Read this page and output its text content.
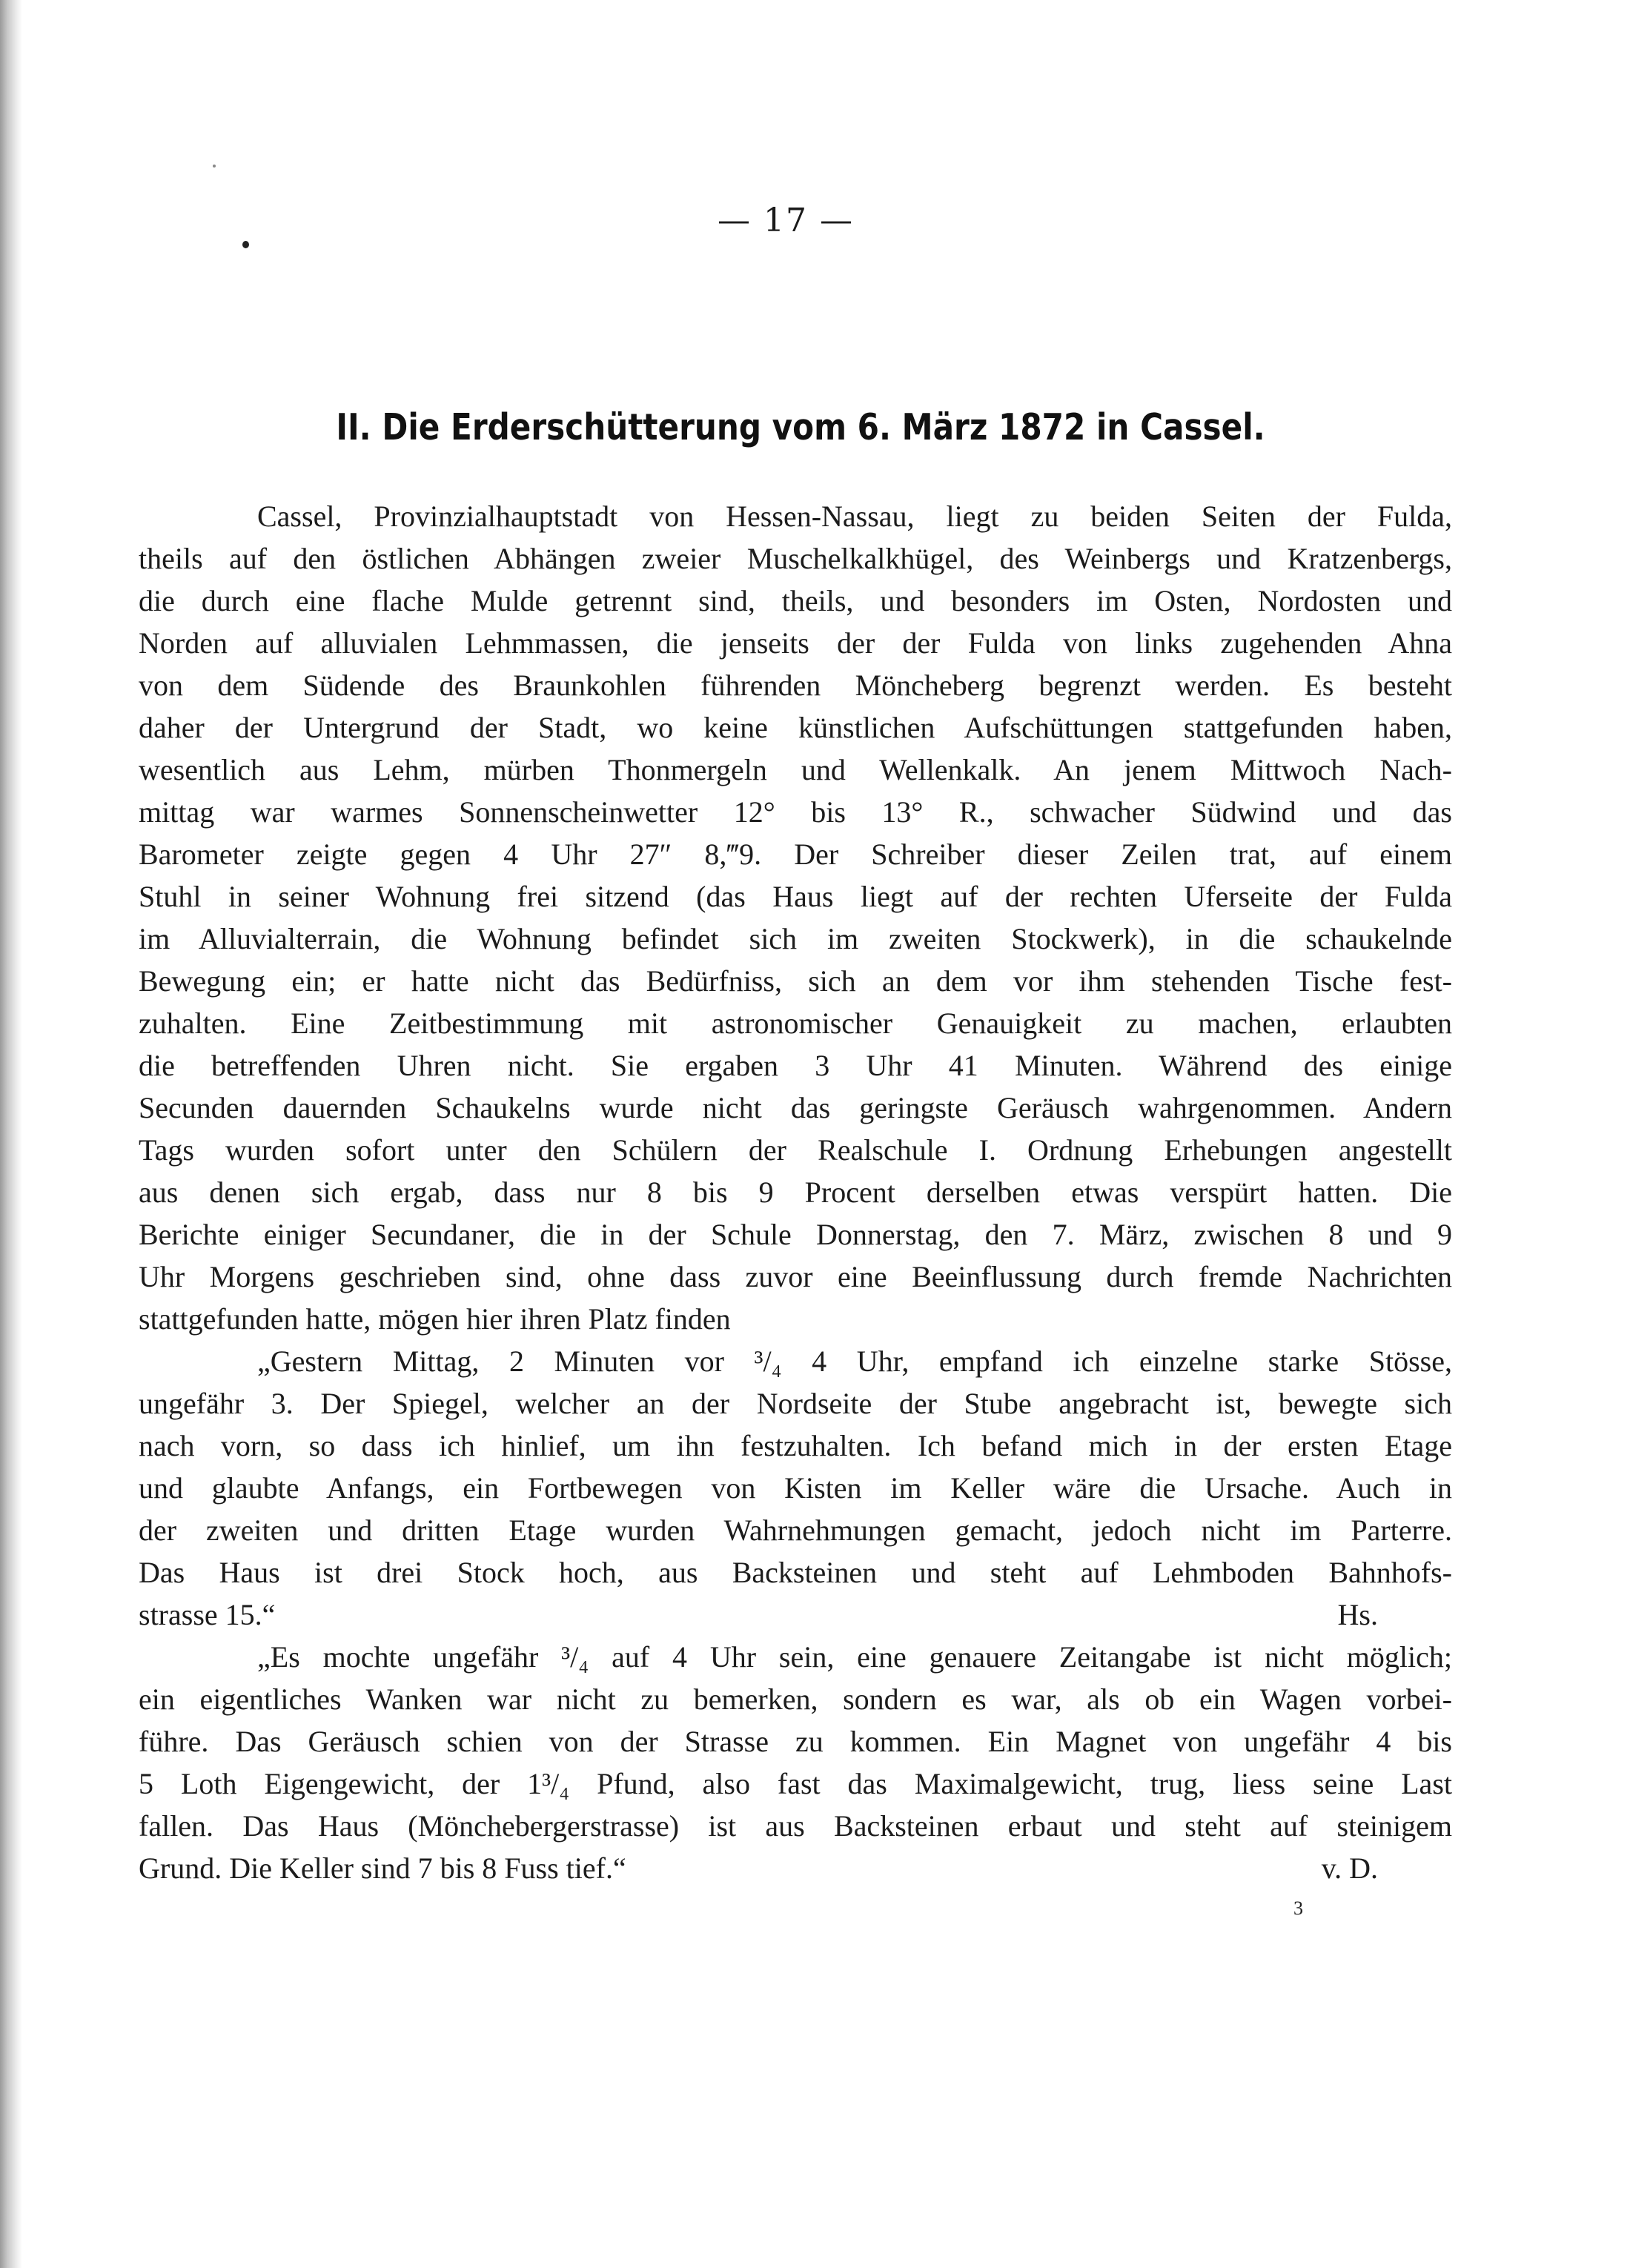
— 17 —
II. Die Erderschütterung vom 6. März 1872 in Cassel.
Cassel, Provinzialhauptstadt von Hessen-Nassau, liegt zu beiden Seiten der Fulda,
theils auf den östlichen Abhängen zweier Muschelkalkhügel, des Weinbergs und Kratzenbergs,
die durch eine flache Mulde getrennt sind, theils, und besonders im Osten, Nordosten und
Norden auf alluvialen Lehmmassen, die jenseits der der Fulda von links zugehenden Ahna
von dem Südende des Braunkohlen führenden Möncheberg begrenzt werden. Es besteht
daher der Untergrund der Stadt, wo keine künstlichen Aufschüttungen stattgefunden haben,
wesentlich aus Lehm, mürben Thonmergeln und Wellenkalk. An jenem Mittwoch Nach-
mittag war warmes Sonnenscheinwetter 12° bis 13° R., schwacher Südwind und das
Barometer zeigte gegen 4 Uhr 27″ 8,‴9. Der Schreiber dieser Zeilen trat, auf einem
Stuhl in seiner Wohnung frei sitzend (das Haus liegt auf der rechten Uferseite der Fulda
im Alluvialterrain, die Wohnung befindet sich im zweiten Stockwerk), in die schaukelnde
Bewegung ein; er hatte nicht das Bedürfniss, sich an dem vor ihm stehenden Tische fest-
zuhalten. Eine Zeitbestimmung mit astronomischer Genauigkeit zu machen, erlaubten
die betreffenden Uhren nicht. Sie ergaben 3 Uhr 41 Minuten. Während des einige
Secunden dauernden Schaukelns wurde nicht das geringste Geräusch wahrgenommen. Andern
Tags wurden sofort unter den Schülern der Realschule I. Ordnung Erhebungen angestellt
aus denen sich ergab, dass nur 8 bis 9 Procent derselben etwas verspürt hatten. Die
Berichte einiger Secundaner, die in der Schule Donnerstag, den 7. März, zwischen 8 und 9
Uhr Morgens geschrieben sind, ohne dass zuvor eine Beeinflussung durch fremde Nachrichten
stattgefunden hatte, mögen hier ihren Platz finden
„Gestern Mittag, 2 Minuten vor ³/₄ 4 Uhr, empfand ich einzelne starke Stösse,
ungefähr 3. Der Spiegel, welcher an der Nordseite der Stube angebracht ist, bewegte sich
nach vorn, so dass ich hinlief, um ihn festzuhalten. Ich befand mich in der ersten Etage
und glaubte Anfangs, ein Fortbewegen von Kisten im Keller wäre die Ursache. Auch in
der zweiten und dritten Etage wurden Wahrnehmungen gemacht, jedoch nicht im Parterre.
Das Haus ist drei Stock hoch, aus Backsteinen und steht auf Lehmboden Bahnhofs-
strasse 15.“	Hs.
„Es mochte ungefähr ³/₄ auf 4 Uhr sein, eine genauere Zeitangabe ist nicht möglich;
ein eigentliches Wanken war nicht zu bemerken, sondern es war, als ob ein Wagen vorbei-
führe. Das Geräusch schien von der Strasse zu kommen. Ein Magnet von ungefähr 4 bis
5 Loth Eigengewicht, der 1³/₄ Pfund, also fast das Maximalgewicht, trug, liess seine Last
fallen. Das Haus (Mönchebergerstrasse) ist aus Backsteinen erbaut und steht auf steinigem
Grund. Die Keller sind 7 bis 8 Fuss tief.“	v. D.
3
